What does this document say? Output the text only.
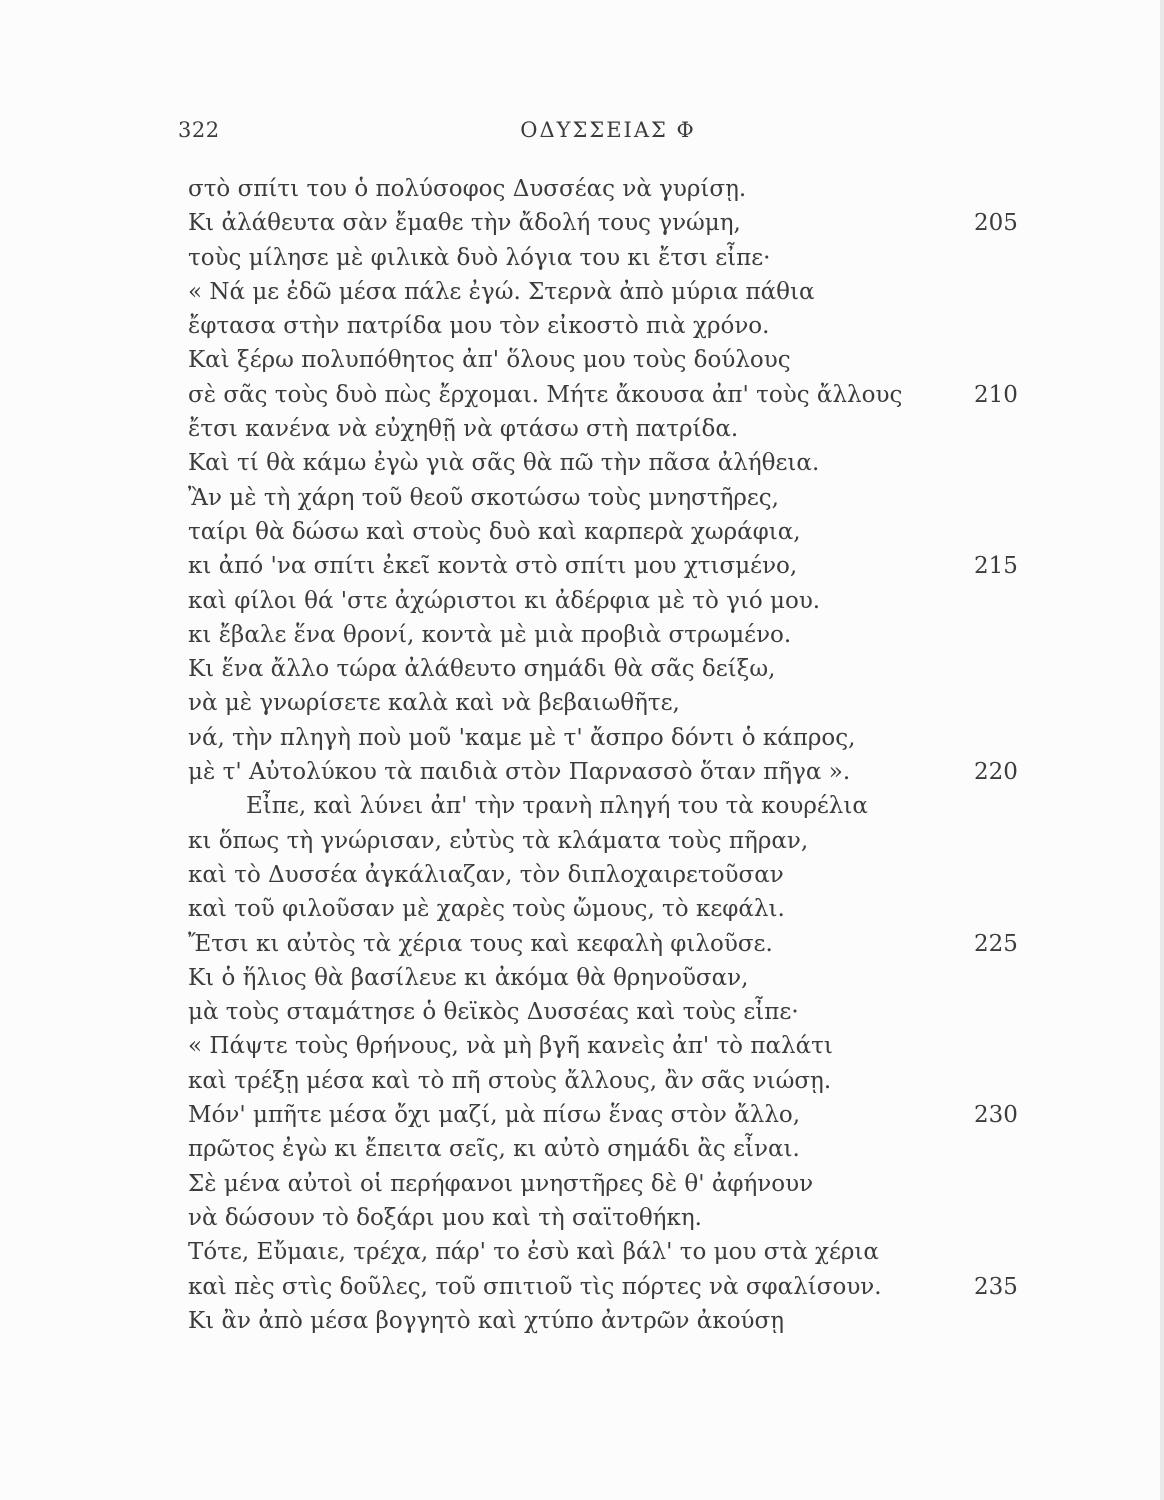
322	ΟΔΥΣΣΕΙΑΣ Φ
στὸ σπίτι του ὁ πολύσοφος Δυσσέας νὰ γυρίσῃ.
Κι ἀλάθευτα σὰν ἔμαθε τὴν ἄδολή τους γνώμη,	205
τοὺς μίλησε μὲ φιλικὰ δυὸ λόγια του κι ἔτσι εἶπε·
« Νά με ἐδῶ μέσα πάλε ἐγώ. Στερνὰ ἀπὸ μύρια πάθια
ἔφτασα στὴν πατρίδα μου τὸν εἰκοστὸ πιὰ χρόνο.
Καὶ ξέρω πολυπόθητος ἀπ' ὅλους μου τοὺς δούλους
σὲ σᾶς τοὺς δυὸ πὼς ἔρχομαι. Μήτε ἄκουσα ἀπ' τοὺς ἄλλους	210
ἔτσι κανένα νὰ εὐχηθῇ νὰ φτάσω στὴ πατρίδα.
Καὶ τί θὰ κάμω ἐγὼ γιὰ σᾶς θὰ πῶ τὴν πᾶσα ἀλήθεια.
Ἂν μὲ τὴ χάρη τοῦ θεοῦ σκοτώσω τοὺς μνηστῆρες,
ταίρι θὰ δώσω καὶ στοὺς δυὸ καὶ καρπερὰ χωράφια,
κι ἀπό 'να σπίτι ἐκεῖ κοντὰ στὸ σπίτι μου χτισμένο,	215
καὶ φίλοι θά 'στε ἀχώριστοι κι ἀδέρφια μὲ τὸ γιό μου.
κι ἔβαλε ἕνα θρονί, κοντὰ μὲ μιὰ προβιὰ στρωμένο.
Κι ἕνα ἄλλο τώρα ἀλάθευτο σημάδι θὰ σᾶς δείξω,
νὰ μὲ γνωρίσετε καλὰ καὶ νὰ βεβαιωθῆτε,
νά, τὴν πληγὴ ποὺ μοῦ 'καμε μὲ τ' ἄσπρο δόντι ὁ κάπρος,
μὲ τ' Αὐτολύκου τὰ παιδιὰ στὸν Παρνασσὸ ὅταν πῆγα ».	220
Εἶπε, καὶ λύνει ἀπ' τὴν τρανὴ πληγή του τὰ κουρέλια
κι ὅπως τὴ γνώρισαν, εὐτὺς τὰ κλάματα τοὺς πῆραν,
καὶ τὸ Δυσσέα ἀγκάλιαζαν, τὸν διπλοχαιρετοῦσαν
καὶ τοῦ φιλοῦσαν μὲ χαρὲς τοὺς ὤμους, τὸ κεφάλι.
Ἔτσι κι αὐτὸς τὰ χέρια τους καὶ κεφαλὴ φιλοῦσε.	225
Κι ὁ ἥλιος θὰ βασίλευε κι ἀκόμα θὰ θρηνοῦσαν,
μὰ τοὺς σταμάτησε ὁ θεϊκὸς Δυσσέας καὶ τοὺς εἶπε·
« Πάψτε τοὺς θρήνους, νὰ μὴ βγῆ κανεὶς ἀπ' τὸ παλάτι
καὶ τρέξῃ μέσα καὶ τὸ πῆ στοὺς ἄλλους, ἂν σᾶς νιώσῃ.
Μόν' μπῆτε μέσα ὄχι μαζί, μὰ πίσω ἕνας στὸν ἄλλο,	230
πρῶτος ἐγὼ κι ἔπειτα σεῖς, κι αὐτὸ σημάδι ἂς εἶναι.
Σὲ μένα αὐτοὶ οἱ περήφανοι μνηστῆρες δὲ θ' ἀφήνουν
νὰ δώσουν τὸ δοξάρι μου καὶ τὴ σαϊτοθήκη.
Τότε, Εὔμαιε, τρέχα, πάρ' το ἐσὺ καὶ βάλ' το μου στὰ χέρια
καὶ πὲς στὶς δοῦλες, τοῦ σπιτιοῦ τὶς πόρτες νὰ σφαλίσουν.	235
Κι ἂν ἀπὸ μέσα βογγητὸ καὶ χτύπο ἀντρῶν ἀκούσῃ
